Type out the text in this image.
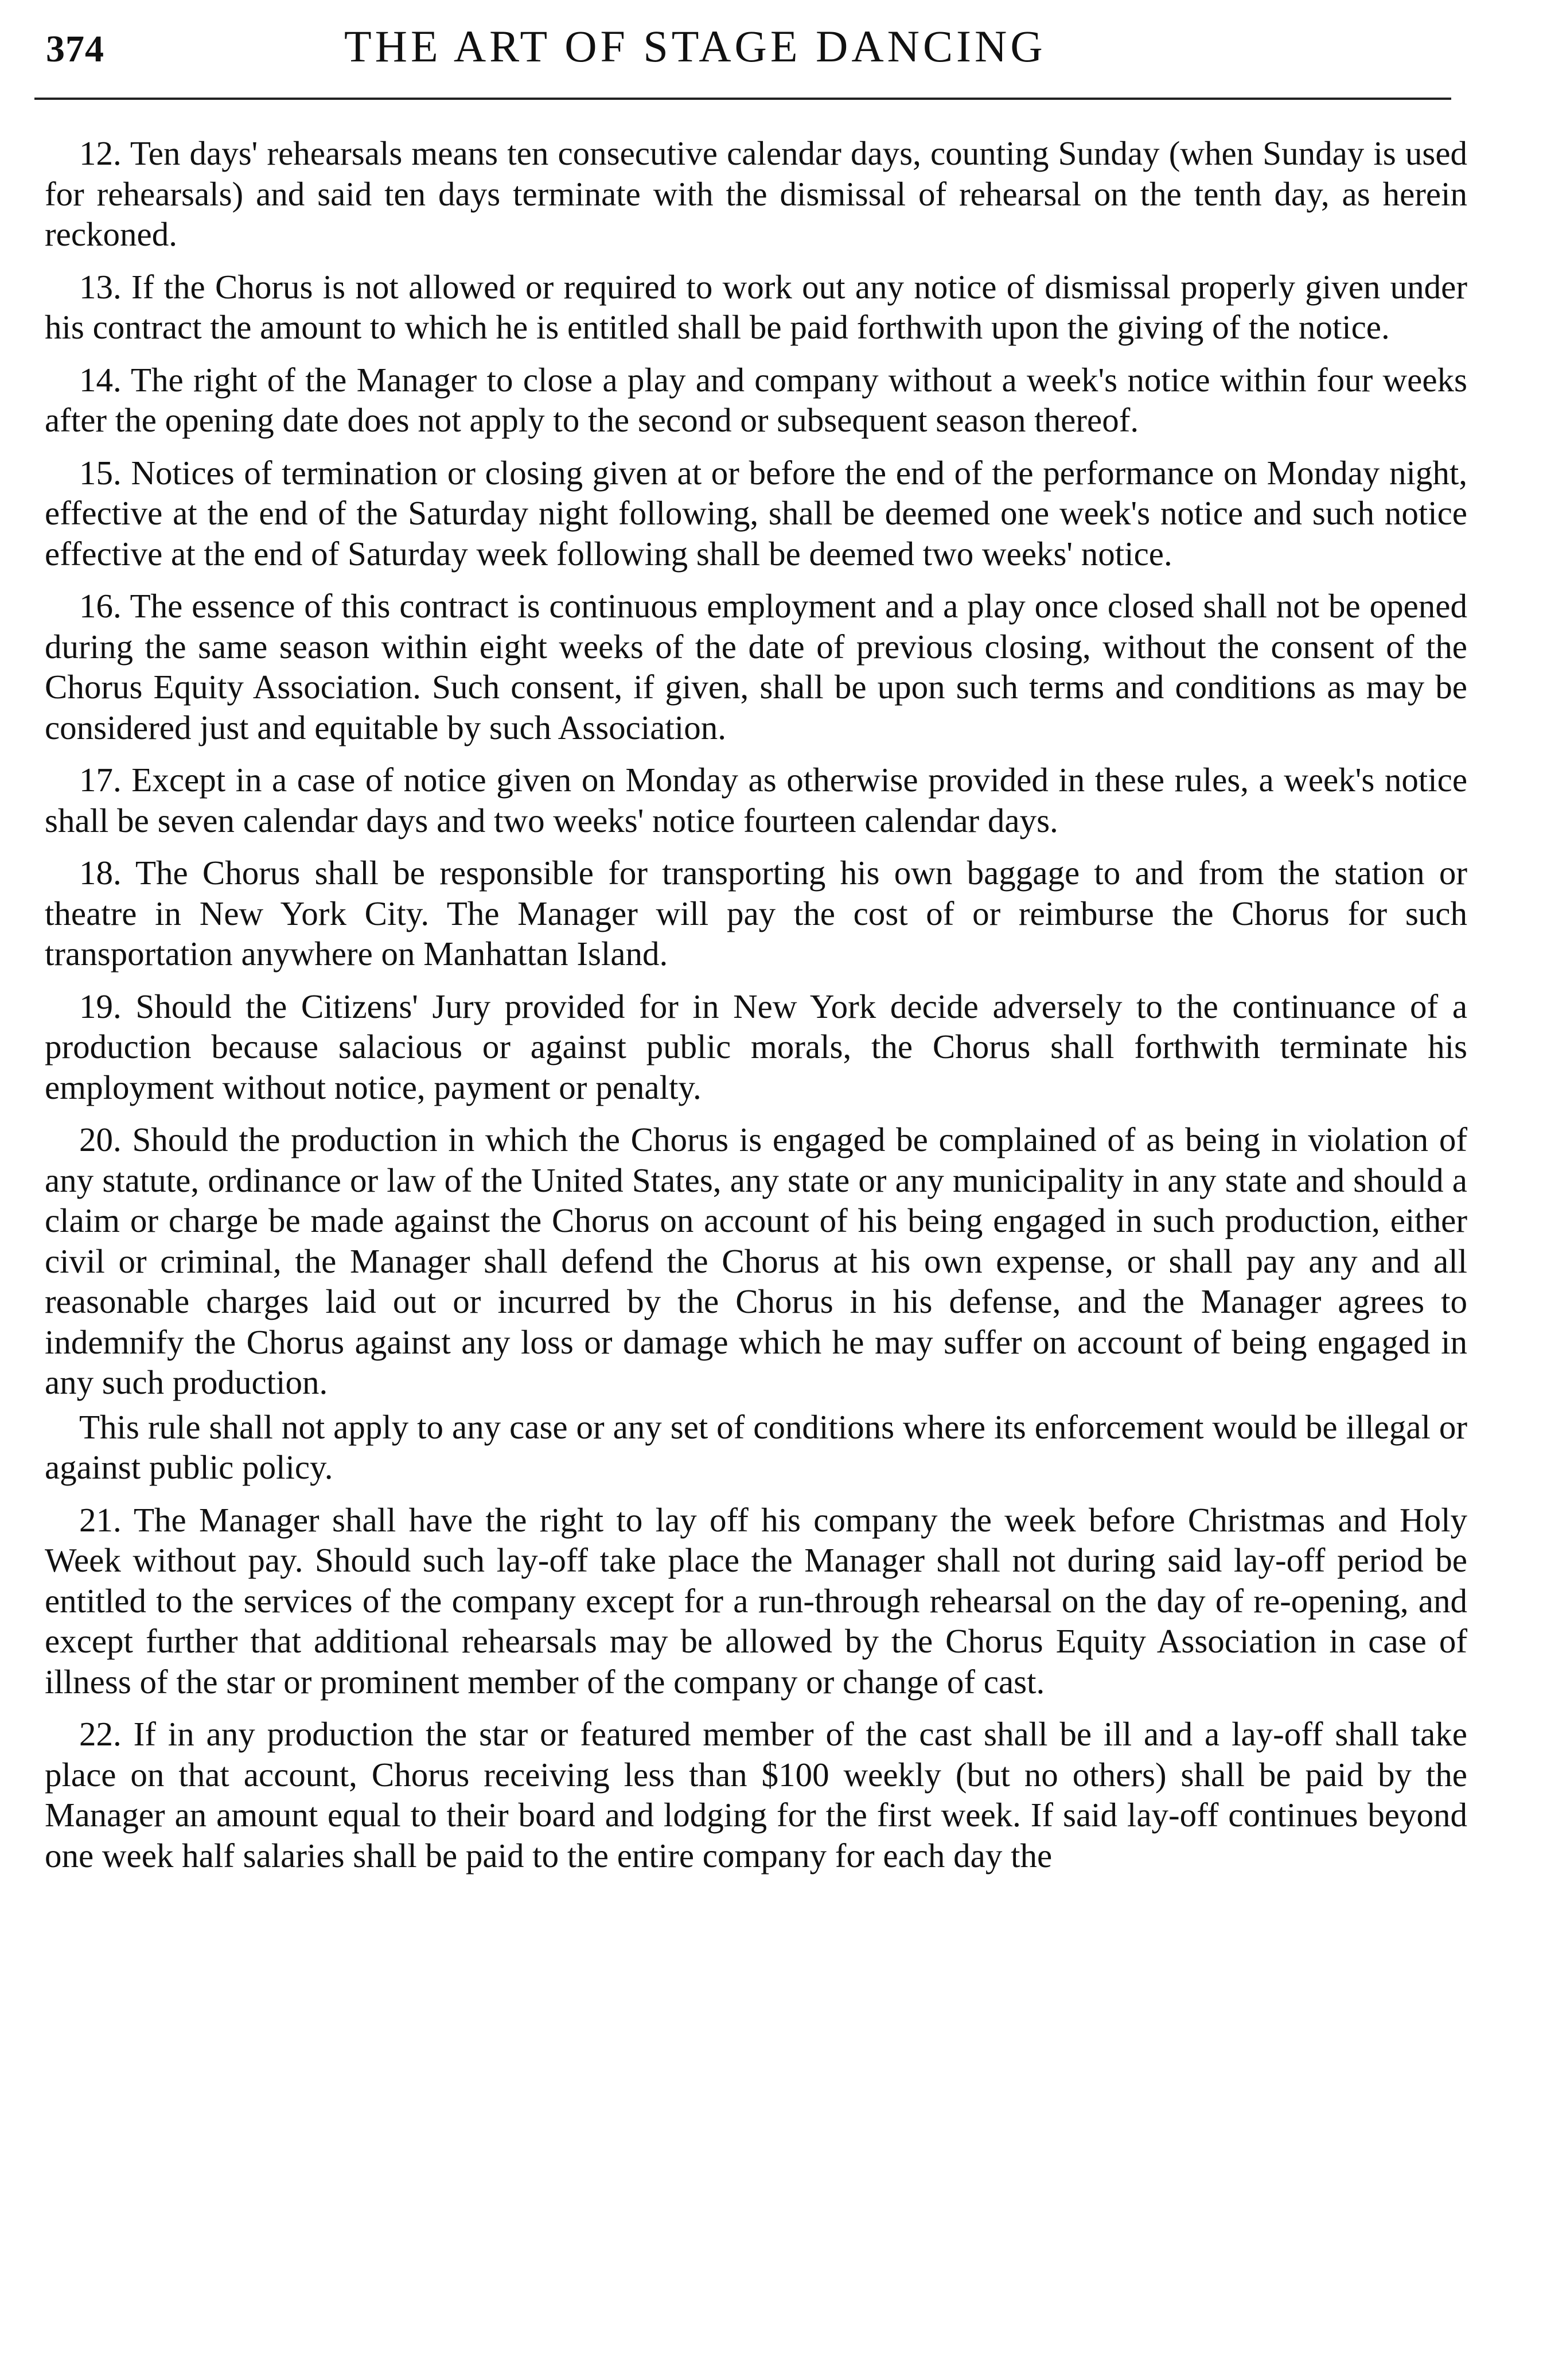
374	THE ART OF STAGE DANCING

12. Ten days' rehearsals means ten consecutive calendar days, counting Sunday (when Sunday is used for rehearsals) and said ten days terminate with the dismissal of rehearsal on the tenth day, as herein reckoned.

13. If the Chorus is not allowed or required to work out any notice of dismissal properly given under his contract the amount to which he is entitled shall be paid forthwith upon the giving of the notice.

14. The right of the Manager to close a play and company without a week's notice within four weeks after the opening date does not apply to the second or subsequent season thereof.

15. Notices of termination or closing given at or before the end of the performance on Monday night, effective at the end of the Saturday night following, shall be deemed one week's notice and such notice effective at the end of Saturday week following shall be deemed two weeks' notice.

16. The essence of this contract is continuous employment and a play once closed shall not be opened during the same season within eight weeks of the date of previous closing, without the consent of the Chorus Equity Association. Such consent, if given, shall be upon such terms and conditions as may be considered just and equitable by such Association.

17. Except in a case of notice given on Monday as otherwise provided in these rules, a week's notice shall be seven calendar days and two weeks' notice fourteen calendar days.

18. The Chorus shall be responsible for transporting his own baggage to and from the station or theatre in New York City. The Manager will pay the cost of or reimburse the Chorus for such transportation anywhere on Manhattan Island.

19. Should the Citizens' Jury provided for in New York decide adversely to the continuance of a production because salacious or against public morals, the Chorus shall forthwith terminate his employment without notice, payment or penalty.

20. Should the production in which the Chorus is engaged be complained of as being in violation of any statute, ordinance or law of the United States, any state or any municipality in any state and should a claim or charge be made against the Chorus on account of his being engaged in such production, either civil or criminal, the Manager shall defend the Chorus at his own expense, or shall pay any and all reasonable charges laid out or incurred by the Chorus in his defense, and the Manager agrees to indemnify the Chorus against any loss or damage which he may suffer on account of being engaged in any such production.

This rule shall not apply to any case or any set of conditions where its enforcement would be illegal or against public policy.

21. The Manager shall have the right to lay off his company the week before Christmas and Holy Week without pay. Should such lay-off take place the Manager shall not during said lay-off period be entitled to the services of the company except for a run-through rehearsal on the day of re-opening, and except further that additional rehearsals may be allowed by the Chorus Equity Association in case of illness of the star or prominent member of the company or change of cast.

22. If in any production the star or featured member of the cast shall be ill and a lay-off shall take place on that account, Chorus receiving less than $100 weekly (but no others) shall be paid by the Manager an amount equal to their board and lodging for the first week. If said lay-off continues beyond one week half salaries shall be paid to the entire company for each day the
